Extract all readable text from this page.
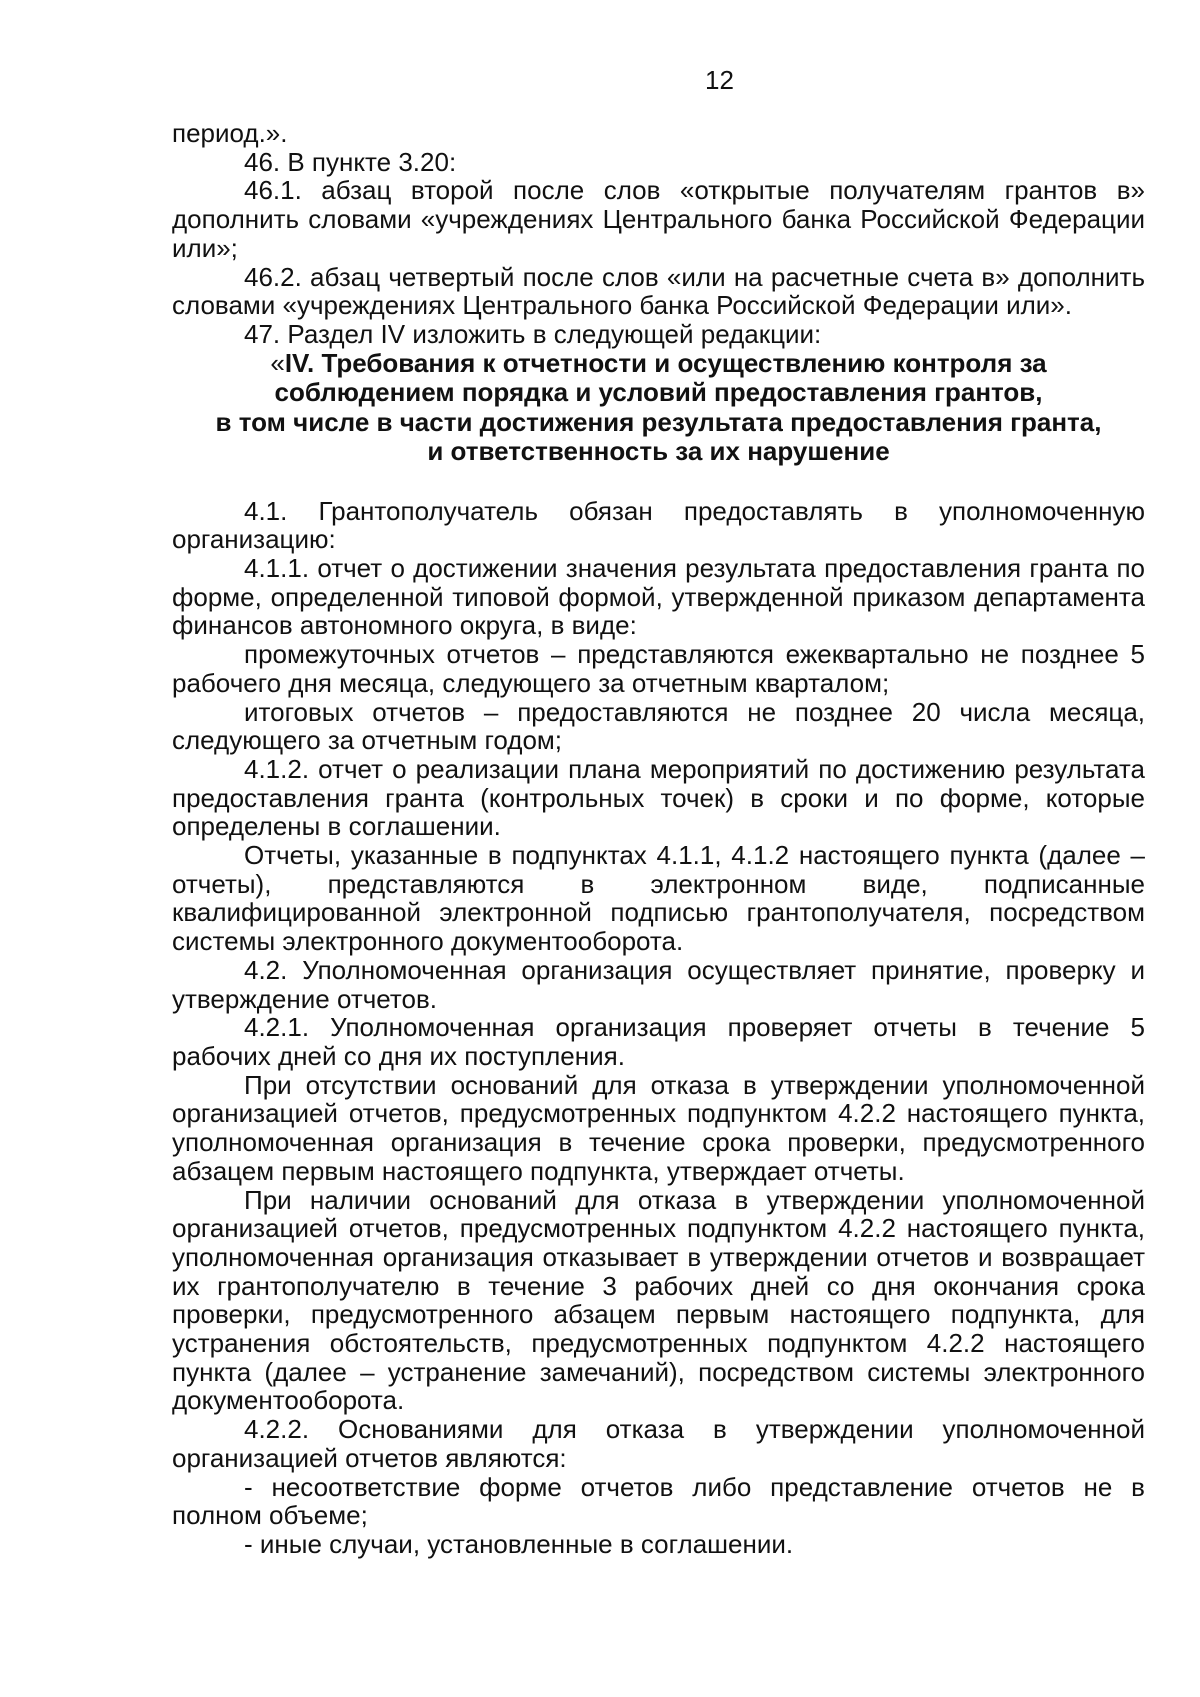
12

период.».

46. В пункте 3.20:

46.1. абзац второй после слов «открытые получателям грантов в» дополнить словами «учреждениях Центрального банка Российской Федерации или»;

46.2. абзац четвертый после слов «или на расчетные счета в» дополнить словами «учреждениях Центрального банка Российской Федерации или».

47. Раздел IV изложить в следующей редакции:

«IV. Требования к отчетности и осуществлению контроля за
соблюдением порядка и условий предоставления грантов,
в том числе в части достижения результата предоставления гранта,
и ответственность за их нарушение

4.1. Грантополучатель обязан предоставлять в уполномоченную организацию:

4.1.1. отчет о достижении значения результата предоставления гранта по форме, определенной типовой формой, утвержденной приказом департамента финансов автономного округа, в виде:

промежуточных отчетов – представляются ежеквартально не позднее 5 рабочего дня месяца, следующего за отчетным кварталом;

итоговых отчетов – предоставляются не позднее 20 числа месяца, следующего за отчетным годом;

4.1.2. отчет о реализации плана мероприятий по достижению результата предоставления гранта (контрольных точек) в сроки и по форме, которые определены в соглашении.

Отчеты, указанные в подпунктах 4.1.1, 4.1.2 настоящего пункта (далее – отчеты), представляются в электронном виде, подписанные квалифицированной электронной подписью грантополучателя, посредством системы электронного документооборота.

4.2. Уполномоченная организация осуществляет принятие, проверку и утверждение отчетов.

4.2.1. Уполномоченная организация проверяет отчеты в течение 5 рабочих дней со дня их поступления.

При отсутствии оснований для отказа в утверждении уполномоченной организацией отчетов, предусмотренных подпунктом 4.2.2 настоящего пункта, уполномоченная организация в течение срока проверки, предусмотренного абзацем первым настоящего подпункта, утверждает отчеты.

При наличии оснований для отказа в утверждении уполномоченной организацией отчетов, предусмотренных подпунктом 4.2.2 настоящего пункта, уполномоченная организация отказывает в утверждении отчетов и возвращает их грантополучателю в течение 3 рабочих дней со дня окончания срока проверки, предусмотренного абзацем первым настоящего подпункта, для устранения обстоятельств, предусмотренных подпунктом 4.2.2 настоящего пункта (далее – устранение замечаний), посредством системы электронного документооборота.

4.2.2. Основаниями для отказа в утверждении уполномоченной организацией отчетов являются:

- несоответствие форме отчетов либо представление отчетов не в полном объеме;

- иные случаи, установленные в соглашении.
